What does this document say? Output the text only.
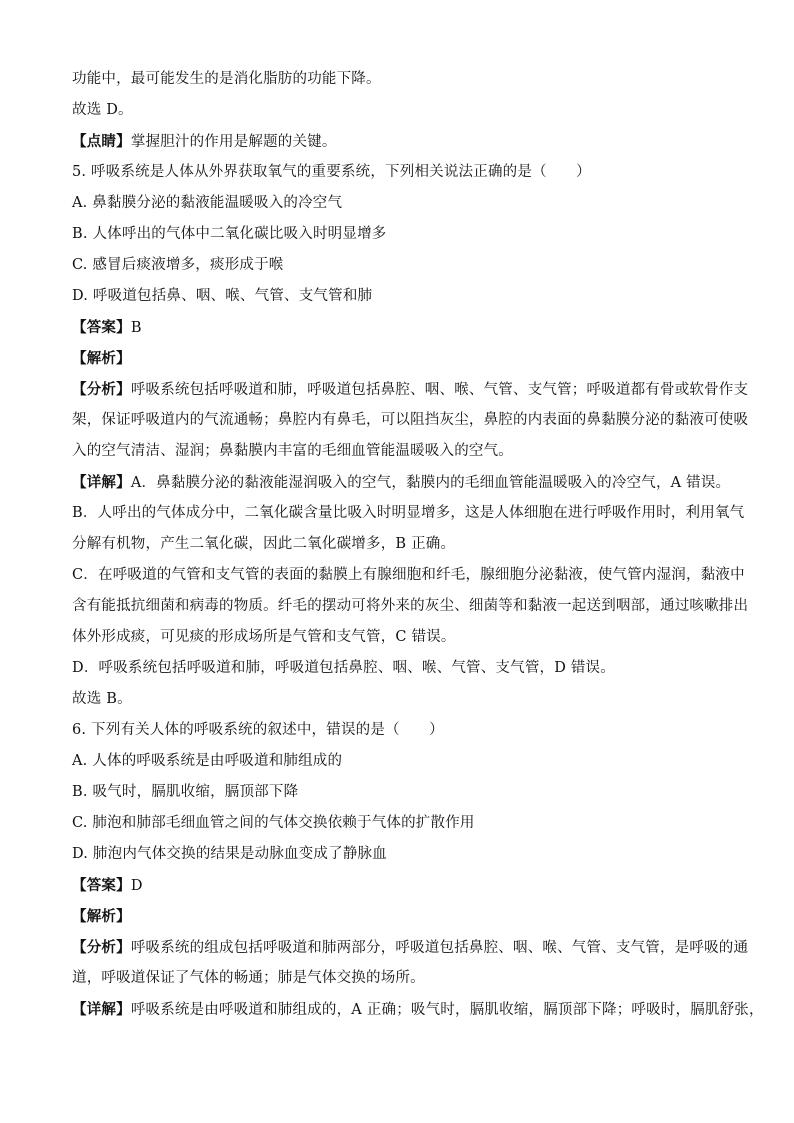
功能中，最可能发生的是消化脂肪的功能下降。
故选 D。
【点睛】掌握胆汁的作用是解题的关键。
5. 呼吸系统是人体从外界获取氧气的重要系统，下列相关说法正确的是（　　）
A. 鼻黏膜分泌的黏液能温暖吸入的冷空气
B. 人体呼出的气体中二氧化碳比吸入时明显增多
C. 感冒后痰液增多，痰形成于喉
D. 呼吸道包括鼻、咽、喉、气管、支气管和肺
【答案】B
【解析】
【分析】呼吸系统包括呼吸道和肺，呼吸道包括鼻腔、咽、喉、气管、支气管；呼吸道都有骨或软骨作支
架，保证呼吸道内的气流通畅；鼻腔内有鼻毛，可以阻挡灰尘，鼻腔的内表面的鼻黏膜分泌的黏液可使吸
入的空气清洁、湿润；鼻黏膜内丰富的毛细血管能温暖吸入的空气。
【详解】A．鼻黏膜分泌的黏液能湿润吸入的空气，黏膜内的毛细血管能温暖吸入的冷空气，A 错误。
B．人呼出的气体成分中，二氧化碳含量比吸入时明显增多，这是人体细胞在进行呼吸作用时，利用氧气
分解有机物，产生二氧化碳，因此二氧化碳增多，B 正确。
C．在呼吸道的气管和支气管的表面的黏膜上有腺细胞和纤毛，腺细胞分泌黏液，使气管内湿润，黏液中
含有能抵抗细菌和病毒的物质。纤毛的摆动可将外来的灰尘、细菌等和黏液一起送到咽部，通过咳嗽排出
体外形成痰，可见痰的形成场所是气管和支气管，C 错误。
D．呼吸系统包括呼吸道和肺，呼吸道包括鼻腔、咽、喉、气管、支气管，D 错误。
故选 B。
6. 下列有关人体的呼吸系统的叙述中，错误的是（　　）
A. 人体的呼吸系统是由呼吸道和肺组成的
B. 吸气时，膈肌收缩，膈顶部下降
C. 肺泡和肺部毛细血管之间的气体交换依赖于气体的扩散作用
D. 肺泡内气体交换的结果是动脉血变成了静脉血
【答案】D
【解析】
【分析】呼吸系统的组成包括呼吸道和肺两部分，呼吸道包括鼻腔、咽、喉、气管、支气管，是呼吸的通
道，呼吸道保证了气体的畅通；肺是气体交换的场所。
【详解】呼吸系统是由呼吸道和肺组成的，A 正确；吸气时，膈肌收缩，膈顶部下降；呼吸时，膈肌舒张，
